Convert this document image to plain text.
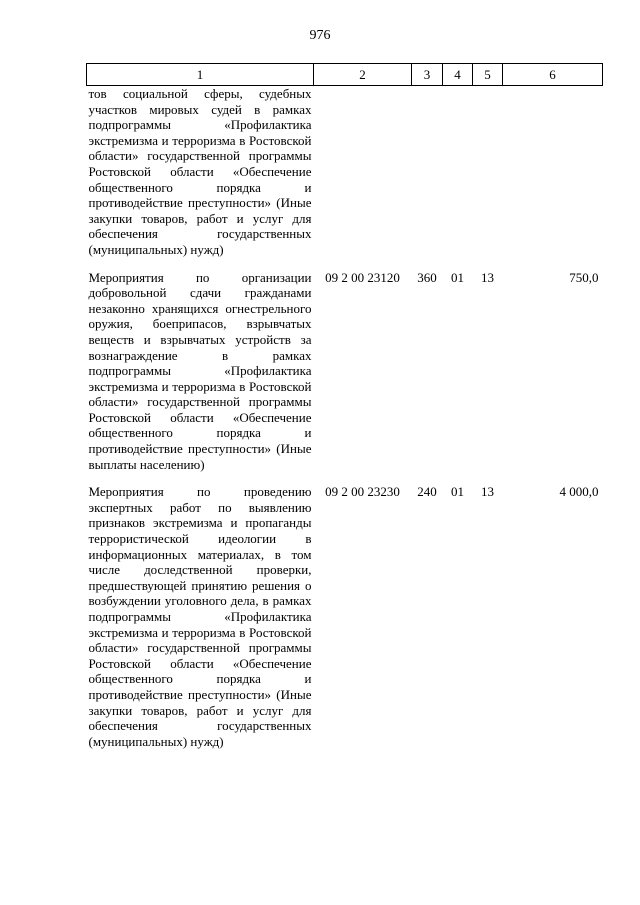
976
1	2	3	4	5	6
тов социальной сферы, судебных участков мировых судей в рамках подпрограммы «Профилактика экстремизма и терроризма в Ростовской области» государственной программы Ростовской области «Обеспечение общественного порядка и противодействие преступности» (Иные закупки товаров, работ и услуг для обеспечения государственных (муниципальных) нужд)					
Мероприятия по организации добровольной сдачи гражданами незаконно хранящихся огнестрельного оружия, боеприпасов, взрывчатых веществ и взрывчатых устройств за вознаграждение в рамках подпрограммы «Профилактика экстремизма и терроризма в Ростовской области» государственной программы Ростовской области «Обеспечение общественного порядка и противодействие преступности» (Иные выплаты населению)	09 2 00 23120	360	01	13	750,0
Мероприятия по проведению экспертных работ по выявлению признаков экстремизма и пропаганды террористической идеологии в информационных материалах, в том числе доследственной проверки, предшествующей принятию решения о возбуждении уголовного дела, в рамках подпрограммы «Профилактика экстремизма и терроризма в Ростовской области» государственной программы Ростовской области «Обеспечение общественного порядка и противодействие преступности» (Иные закупки товаров, работ и услуг для обеспечения государственных (муниципальных) нужд)	09 2 00 23230	240	01	13	4 000,0
